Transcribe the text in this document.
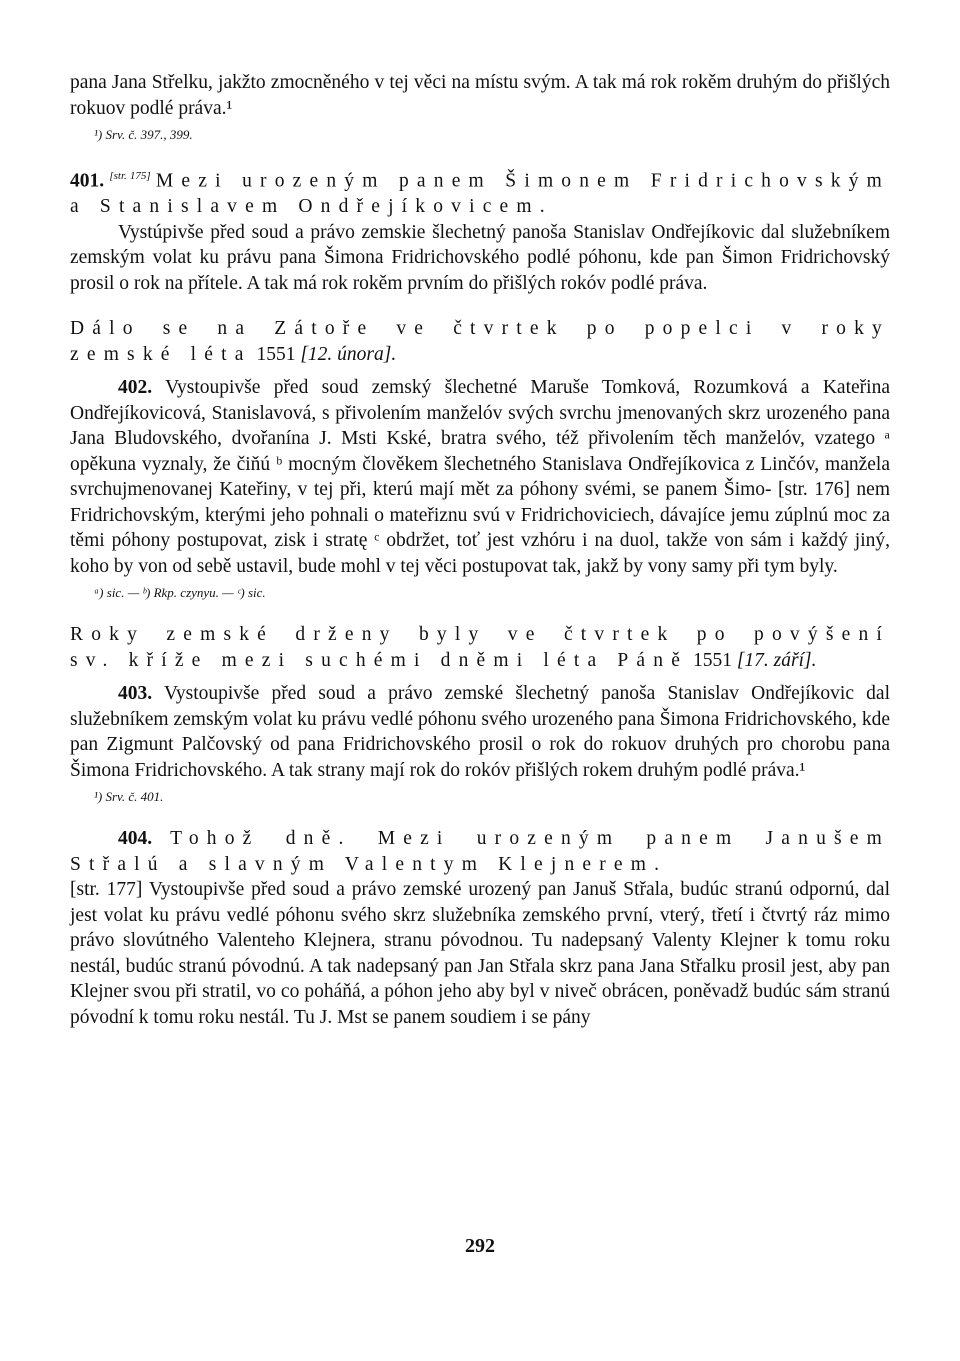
pana Jana Střelku, jakžto zmocněného v tej věci na místu svým. A tak má rok rokěm druhým do přišlých rokuov podlé práva.¹

¹) Srv. č. 397., 399.

401. [str. 175] Mezi urozeným panem Šimonem Fridrichovským a Stanislavem Ondřejíkovicem.

Vystúpivše před soud a právo zemskie šlechetný panoša Stanislav Ondřejíkovic dal služebníkem zemským volat ku právu pana Šimona Fridrichovského podlé póhonu, kde pan Šimon Fridrichovský prosil o rok na přítele. A tak má rok rokěm prvním do přišlých rokóv podlé práva.

Dálo se na Zátoře ve čtvrtek po popelci v roky zemské léta 1551 [12. února].

402. Vystoupivše před soud zemský šlechetné Maruše Tomková, Rozumková a Kateřina Ondřejíkovicová, Stanislavová, s přivolením manželóv svých svrchu jmenovaných skrz urozeného pana Jana Bludovského, dvořanína J. Msti Kské, bratra svého, též přivolením těch manželóv, vzatego ᵃ opěkuna vyznaly, že čiňú ᵇ mocným člověkem šlechetného Stanislava Ondřejíkovica z Linčóv, manžela svrchujmenovanej Kateřiny, v tej při, kterú mají mět za póhony svémi, se panem Šimo- [str. 176] nem Fridrichovským, kterými jeho pohnali o mateřiznu svú v Fridrichoviciech, dávajíce jemu zúplnú moc za těmi póhony postupovat, zisk i stratę ᶜ obdržet, toť jest vzhóru i na duol, takže von sám i každý jiný, koho by von od sebě ustavil, bude mohl v tej věci postupovat tak, jakž by vony samy při tym byly.

ᵃ) sic. — ᵇ) Rkp. czynyu. — ᶜ) sic.

Roky zemské drženy byly ve čtvrtek po povýšení sv. kříže mezi suchémi dněmi léta Páně 1551 [17. září].

403. Vystoupivše před soud a právo zemské šlechetný panoša Stanislav Ondřejíkovic dal služebníkem zemským volat ku právu vedlé póhonu svého urozeného pana Šimona Fridrichovského, kde pan Zigmunt Palčovský od pana Fridrichovského prosil o rok do rokuov druhých pro chorobu pana Šimona Fridrichovského. A tak strany mají rok do rokóv přišlých rokem druhým podlé práva.¹

¹) Srv. č. 401.

404. Tohož dně. Mezi urozeným panem Janušem Střalú a slavným Valentym Klejnerem.

[str. 177] Vystoupivše před soud a právo zemské urozený pan Januš Střala, budúc stranú odpornú, dal jest volat ku právu vedlé póhonu svého skrz služebníka zemského první, vterý, třetí i čtvrtý ráz mimo právo slovútného Valenteho Klejnera, stranu póvodnou. Tu nadepsaný Valenty Klejner k tomu roku nestál, budúc stranú póvodnú. A tak nadepsaný pan Jan Střala skrz pana Jana Střalku prosil jest, aby pan Klejner svou při stratil, vo co poháňá, a póhon jeho aby byl v niveč obrácen, poněvadž budúc sám stranú póvodní k tomu roku nestál. Tu J. Mst se panem soudiem i se pány

292
